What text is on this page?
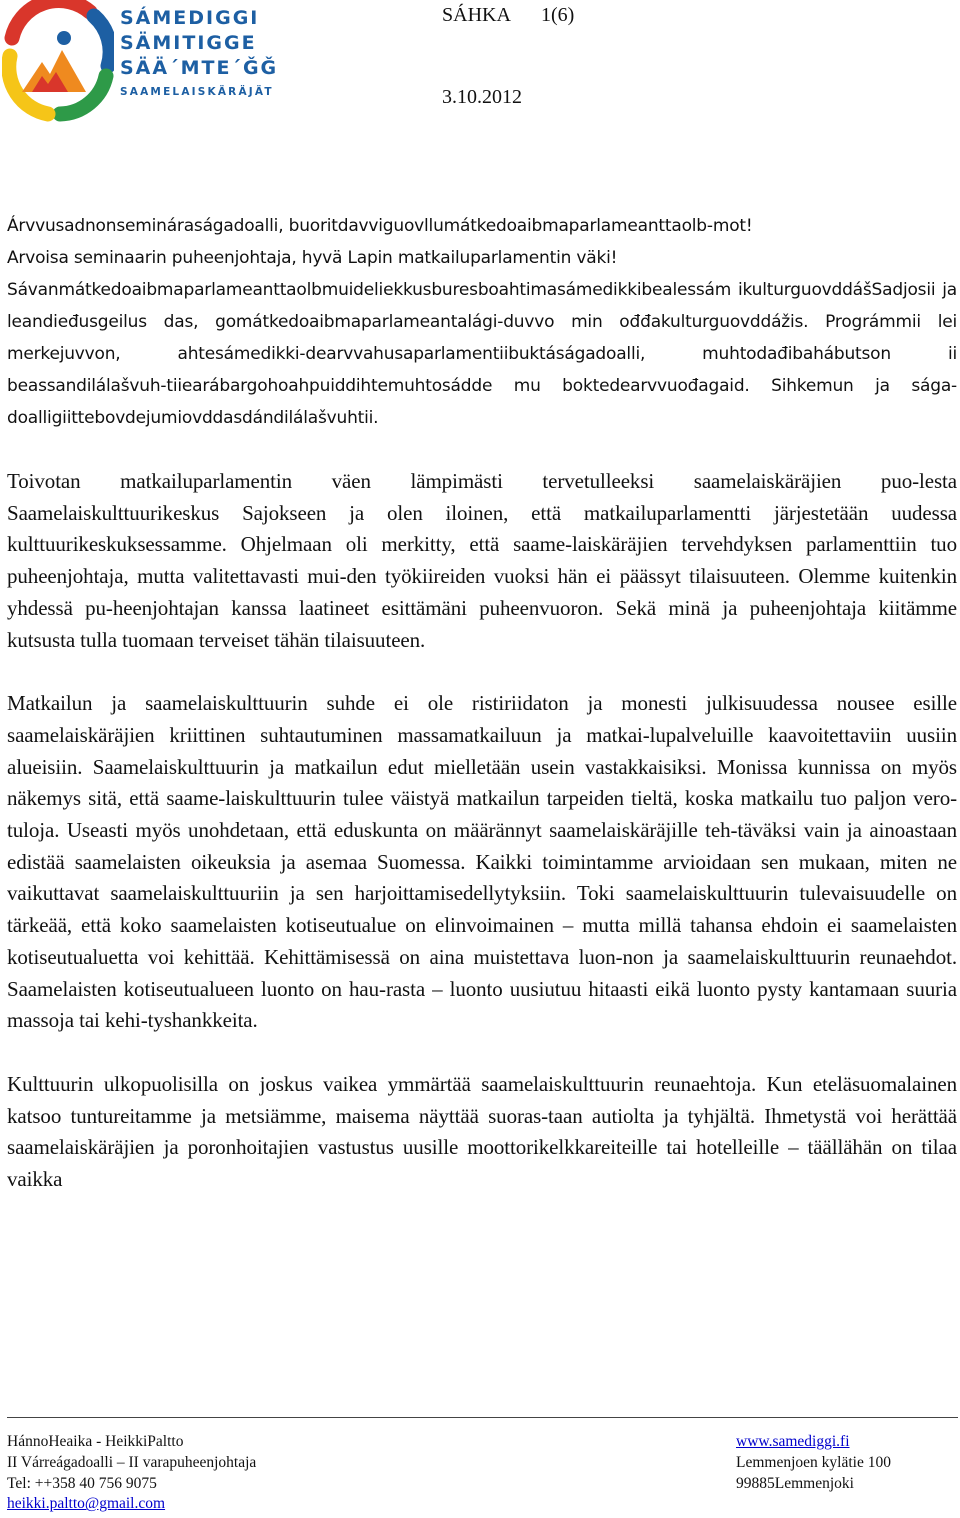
SÁMEDIGGI
SÄMITIGGE
SÄÄ´MTE´ǦǦ
SAAMELAISKÄRÄJÄT
SÁHKA 1(6)
3.10.2012

Árvvusadnonsemináraságadoalli, buoritdavviguovllumátkedoaibmaparlameanttaolb-mot!

Arvoisa seminaarin puheenjohtaja, hyvä Lapin matkailuparlamentin väki!

Sávanmátkedoaibmaparlameanttaolbmuideliekkusburesboahtimasámedikkibealessám ikulturguovddášSadjosii ja leandieđusgeilus das, gomátkedoaibmaparlameantalági-duvvo min ođđakulturguovddážis. Prográmmii lei merkejuvvon, ahtesámedikki-dearvvahusaparlamentiibuktáságadoalli, muhtodađibahábutson ii beassandilálašvuh-tiiearábargohoahpuiddihtemuhtosádde mu boktedearvvuođagaid. Sihkemun ja sága-doalligiittebovdejumiovddasdándilálašvuhtii.

Toivotan matkailuparlamentin väen lämpimästi tervetulleeksi saamelaiskäräjien puo-lesta Saamelaiskulttuurikeskus Sajokseen ja olen iloinen, että matkailuparlamentti järjestetään uudessa kulttuurikeskuksessamme. Ohjelmaan oli merkitty, että saame-laiskäräjien tervehdyksen parlamenttiin tuo puheenjohtaja, mutta valitettavasti mui-den työkiireiden vuoksi hän ei päässyt tilaisuuteen. Olemme kuitenkin yhdessä pu-heenjohtajan kanssa laatineet esittämäni puheenvuoron. Sekä minä ja puheenjohtaja kiitämme kutsusta tulla tuomaan terveiset tähän tilaisuuteen.

Matkailun ja saamelaiskulttuurin suhde ei ole ristiriidaton ja monesti julkisuudessa nousee esille saamelaiskäräjien kriittinen suhtautuminen massamatkailuun ja matkai-lupalveluille kaavoitettaviin uusiin alueisiin. Saamelaiskulttuurin ja matkailun edut mielletään usein vastakkaisiksi. Monissa kunnissa on myös näkemys sitä, että saame-laiskulttuurin tulee väistyä matkailun tarpeiden tieltä, koska matkailu tuo paljon vero-tuloja. Useasti myös unohdetaan, että eduskunta on määrännyt saamelaiskäräjille teh-täväksi vain ja ainoastaan edistää saamelaisten oikeuksia ja asemaa Suomessa. Kaikki toimintamme arvioidaan sen mukaan, miten ne vaikuttavat saamelaiskulttuuriin ja sen harjoittamisedellytyksiin. Toki saamelaiskulttuurin tulevaisuudelle on tärkeää, että koko saamelaisten kotiseutualue on elinvoimainen – mutta millä tahansa ehdoin ei saamelaisten kotiseutualuetta voi kehittää. Kehittämisessä on aina muistettava luon-non ja saamelaiskulttuurin reunaehdot. Saamelaisten kotiseutualueen luonto on hau-rasta – luonto uusiutuu hitaasti eikä luonto pysty kantamaan suuria massoja tai kehi-tyshankkeita.

Kulttuurin ulkopuolisilla on joskus vaikea ymmärtää saamelaiskulttuurin reunaehtoja. Kun eteläsuomalainen katsoo tuntureitamme ja metsiämme, maisema näyttää suoras-taan autiolta ja tyhjältä. Ihmetystä voi herättää saamelaiskäräjien ja poronhoitajien vastustus uusille moottorikelkkareiteille tai hotelleille – täällähän on tilaa vaikka

HánnoHeaika - HeikkiPaltto
II Várreágadoalli – II varapuheenjohtaja
Tel: ++358 40 756 9075
heikki.paltto@gmail.com
www.samediggi.fi
Lemmenjoen kylätie 100
99885Lemmenjoki
